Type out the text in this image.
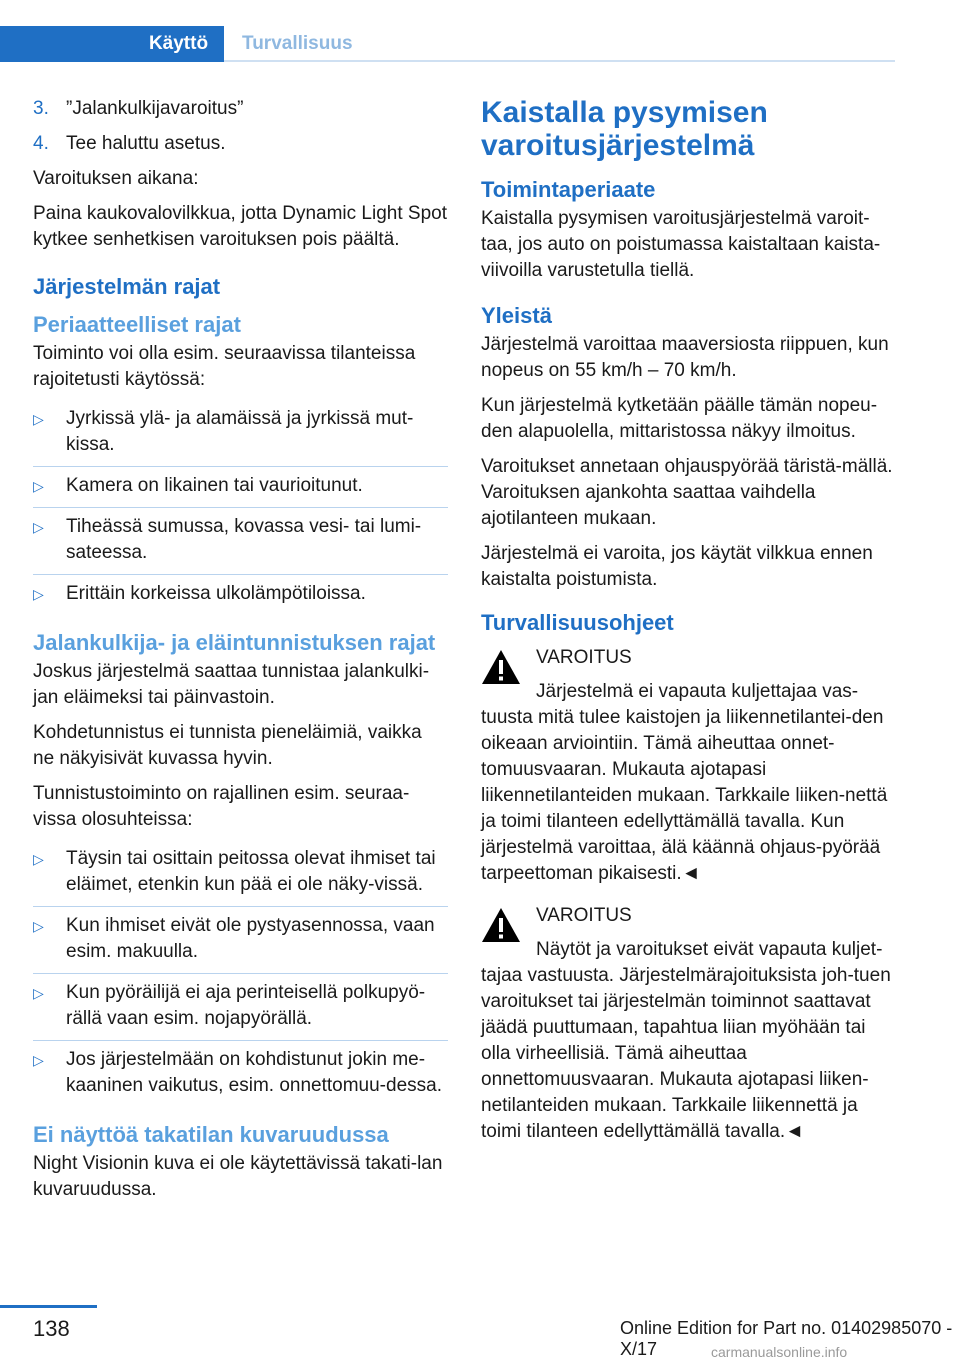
Käyttö	Turvallisuus
3. ”Jalankulkijavaroitus”
4. Tee haluttu asetus.

Varoituksen aikana:

Paina kaukovalovilkkua, jotta Dynamic Light Spot kytkee senhetkisen varoituksen pois päältä.

Järjestelmän rajat
Periaatteelliset rajat

Toiminto voi olla esim. seuraavissa tilanteissa rajoitetusti käytössä:

▷	Jyrkissä ylä- ja alamäissä ja jyrkissä mut-kissa.
▷	Kamera on likainen tai vaurioitunut.
▷	Tiheässä sumussa, kovassa vesi- tai lumi-sateessa.
▷	Erittäin korkeissa ulkolämpötiloissa.
Jalankulkija- ja eläintunnistuksen rajat

Joskus järjestelmä saattaa tunnistaa jalankulki-jan eläimeksi tai päinvastoin.

Kohdetunnistus ei tunnista pieneläimiä, vaikka ne näkyisivät kuvassa hyvin.

Tunnistustoiminto on rajallinen esim. seuraa-vissa olosuhteissa:

▷	Täysin tai osittain peitossa olevat ihmiset tai eläimet, etenkin kun pää ei ole näky-vissä.
▷	Kun ihmiset eivät ole pystyasennossa, vaan esim. makuulla.
▷	Kun pyöräilijä ei aja perinteisellä polkupyö-rällä vaan esim. nojapyörällä.
▷	Jos järjestelmään on kohdistunut jokin me-kaaninen vaikutus, esim. onnettomuu-dessa.
Ei näyttöä takatilan kuvaruudussa

Night Visionin kuva ei ole käytettävissä takati-lan kuvaruudussa.

Kaistalla pysymisen varoitusjärjestelmä
Toimintaperiaate

Kaistalla pysymisen varoitusjärjestelmä varoit-taa, jos auto on poistumassa kaistaltaan kaista-viivoilla varustetulla tiellä.

Yleistä

Järjestelmä varoittaa maaversiosta riippuen, kun nopeus on 55 km/h – 70 km/h.

Kun järjestelmä kytketään päälle tämän nopeu-den alapuolella, mittaristossa näkyy ilmoitus.

Varoitukset annetaan ohjauspyörää täristä-mällä. Varoituksen ajankohta saattaa vaihdella ajotilanteen mukaan.

Järjestelmä ei varoita, jos käytät vilkkua ennen kaistalta poistumista.

Turvallisuusohjeet
VAROITUS
Järjestelmä ei vapauta kuljettajaa vas-
tuusta mitä tulee kaistojen ja liikennetilantei-den oikeaan arviointiin. Tämä aiheuttaa onnet-tomuusvaaran. Mukauta ajotapasi liikennetilanteiden mukaan. Tarkkaile liiken-nettä ja toimi tilanteen edellyttämällä tavalla. Kun järjestelmä varoittaa, älä käännä ohjaus-pyörää tarpeettoman pikaisesti.◄
VAROITUS
Näytöt ja varoitukset eivät vapauta kuljet-
tajaa vastuusta. Järjestelmärajoituksista joh-tuen varoitukset tai järjestelmän toiminnot saattavat jäädä puuttumaan, tapahtua liian myöhään tai olla virheellisiä. Tämä aiheuttaa onnettomuusvaaran. Mukauta ajotapasi liiken-netilanteiden mukaan. Tarkkaile liikennettä ja toimi tilanteen edellyttämällä tavalla.◄
138	Online Edition for Part no. 01402985070 - X/17	carmanualsonline.info
